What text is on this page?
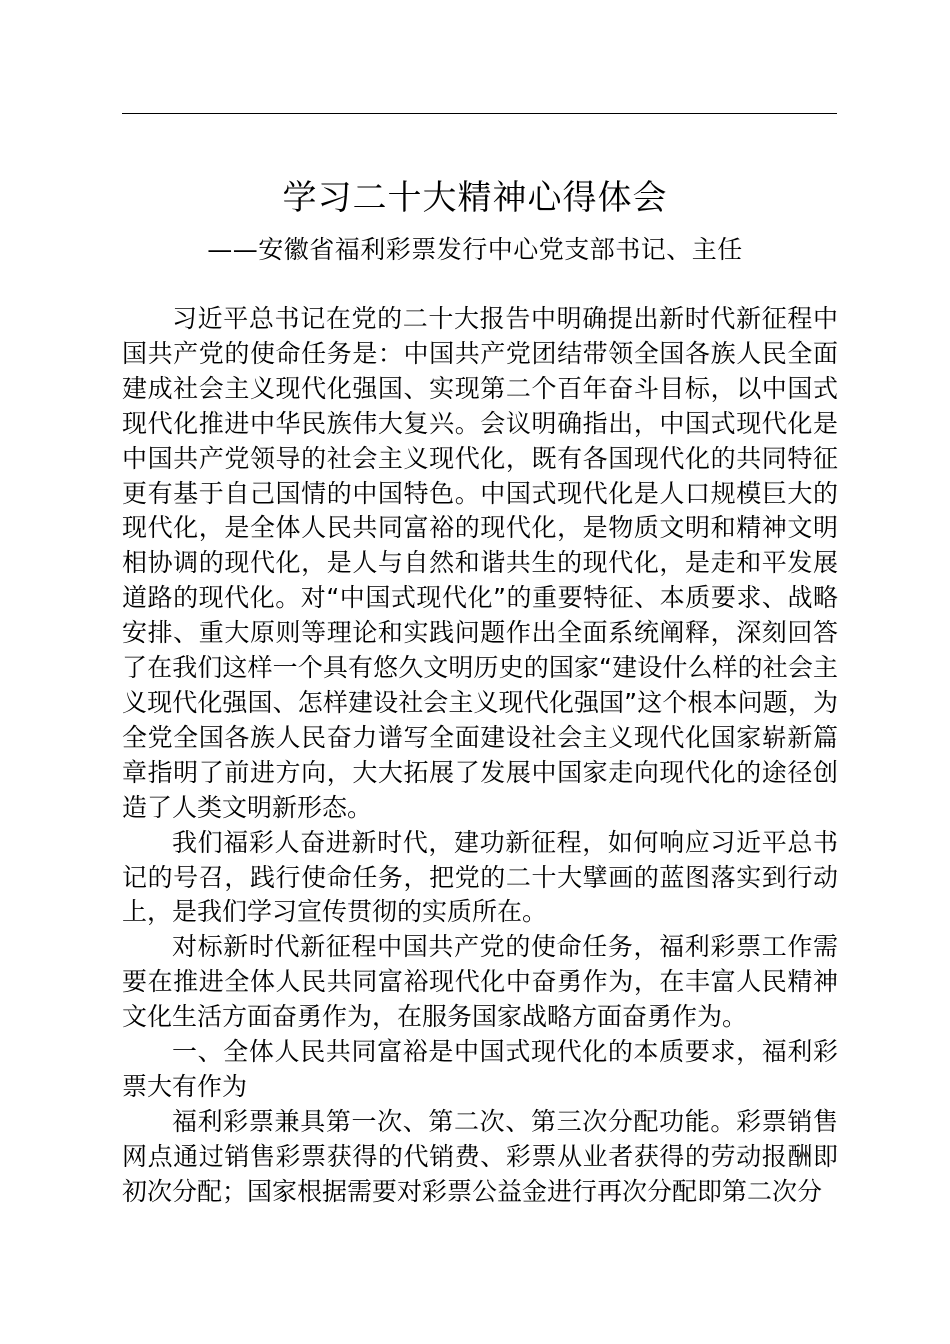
学习二十大精神心得体会
——安徽省福利彩票发行中心党支部书记、主任

习近平总书记在党的二十大报告中明确提出新时代新征程中国共产党的使命任务是：中国共产党团结带领全国各族人民全面建成社会主义现代化强国、实现第二个百年奋斗目标，以中国式现代化推进中华民族伟大复兴。会议明确指出，中国式现代化是中国共产党领导的社会主义现代化，既有各国现代化的共同特征更有基于自己国情的中国特色。中国式现代化是人口规模巨大的现代化，是全体人民共同富裕的现代化，是物质文明和精神文明相协调的现代化，是人与自然和谐共生的现代化，是走和平发展道路的现代化。对“中国式现代化”的重要特征、本质要求、战略安排、重大原则等理论和实践问题作出全面系统阐释，深刻回答了在我们这样一个具有悠久文明历史的国家“建设什么样的社会主义现代化强国、怎样建设社会主义现代化强国”这个根本问题，为全党全国各族人民奋力谱写全面建设社会主义现代化国家崭新篇章指明了前进方向，大大拓展了发展中国家走向现代化的途径创造了人类文明新形态。

我们福彩人奋进新时代，建功新征程，如何响应习近平总书记的号召，践行使命任务，把党的二十大擘画的蓝图落实到行动上，是我们学习宣传贯彻的实质所在。

对标新时代新征程中国共产党的使命任务，福利彩票工作需要在推进全体人民共同富裕现代化中奋勇作为，在丰富人民精神文化生活方面奋勇作为，在服务国家战略方面奋勇作为。

一、全体人民共同富裕是中国式现代化的本质要求，福利彩票大有作为

福利彩票兼具第一次、第二次、第三次分配功能。彩票销售网点通过销售彩票获得的代销费、彩票从业者获得的劳动报酬即初次分配；国家根据需要对彩票公益金进行再次分配即第二次分
